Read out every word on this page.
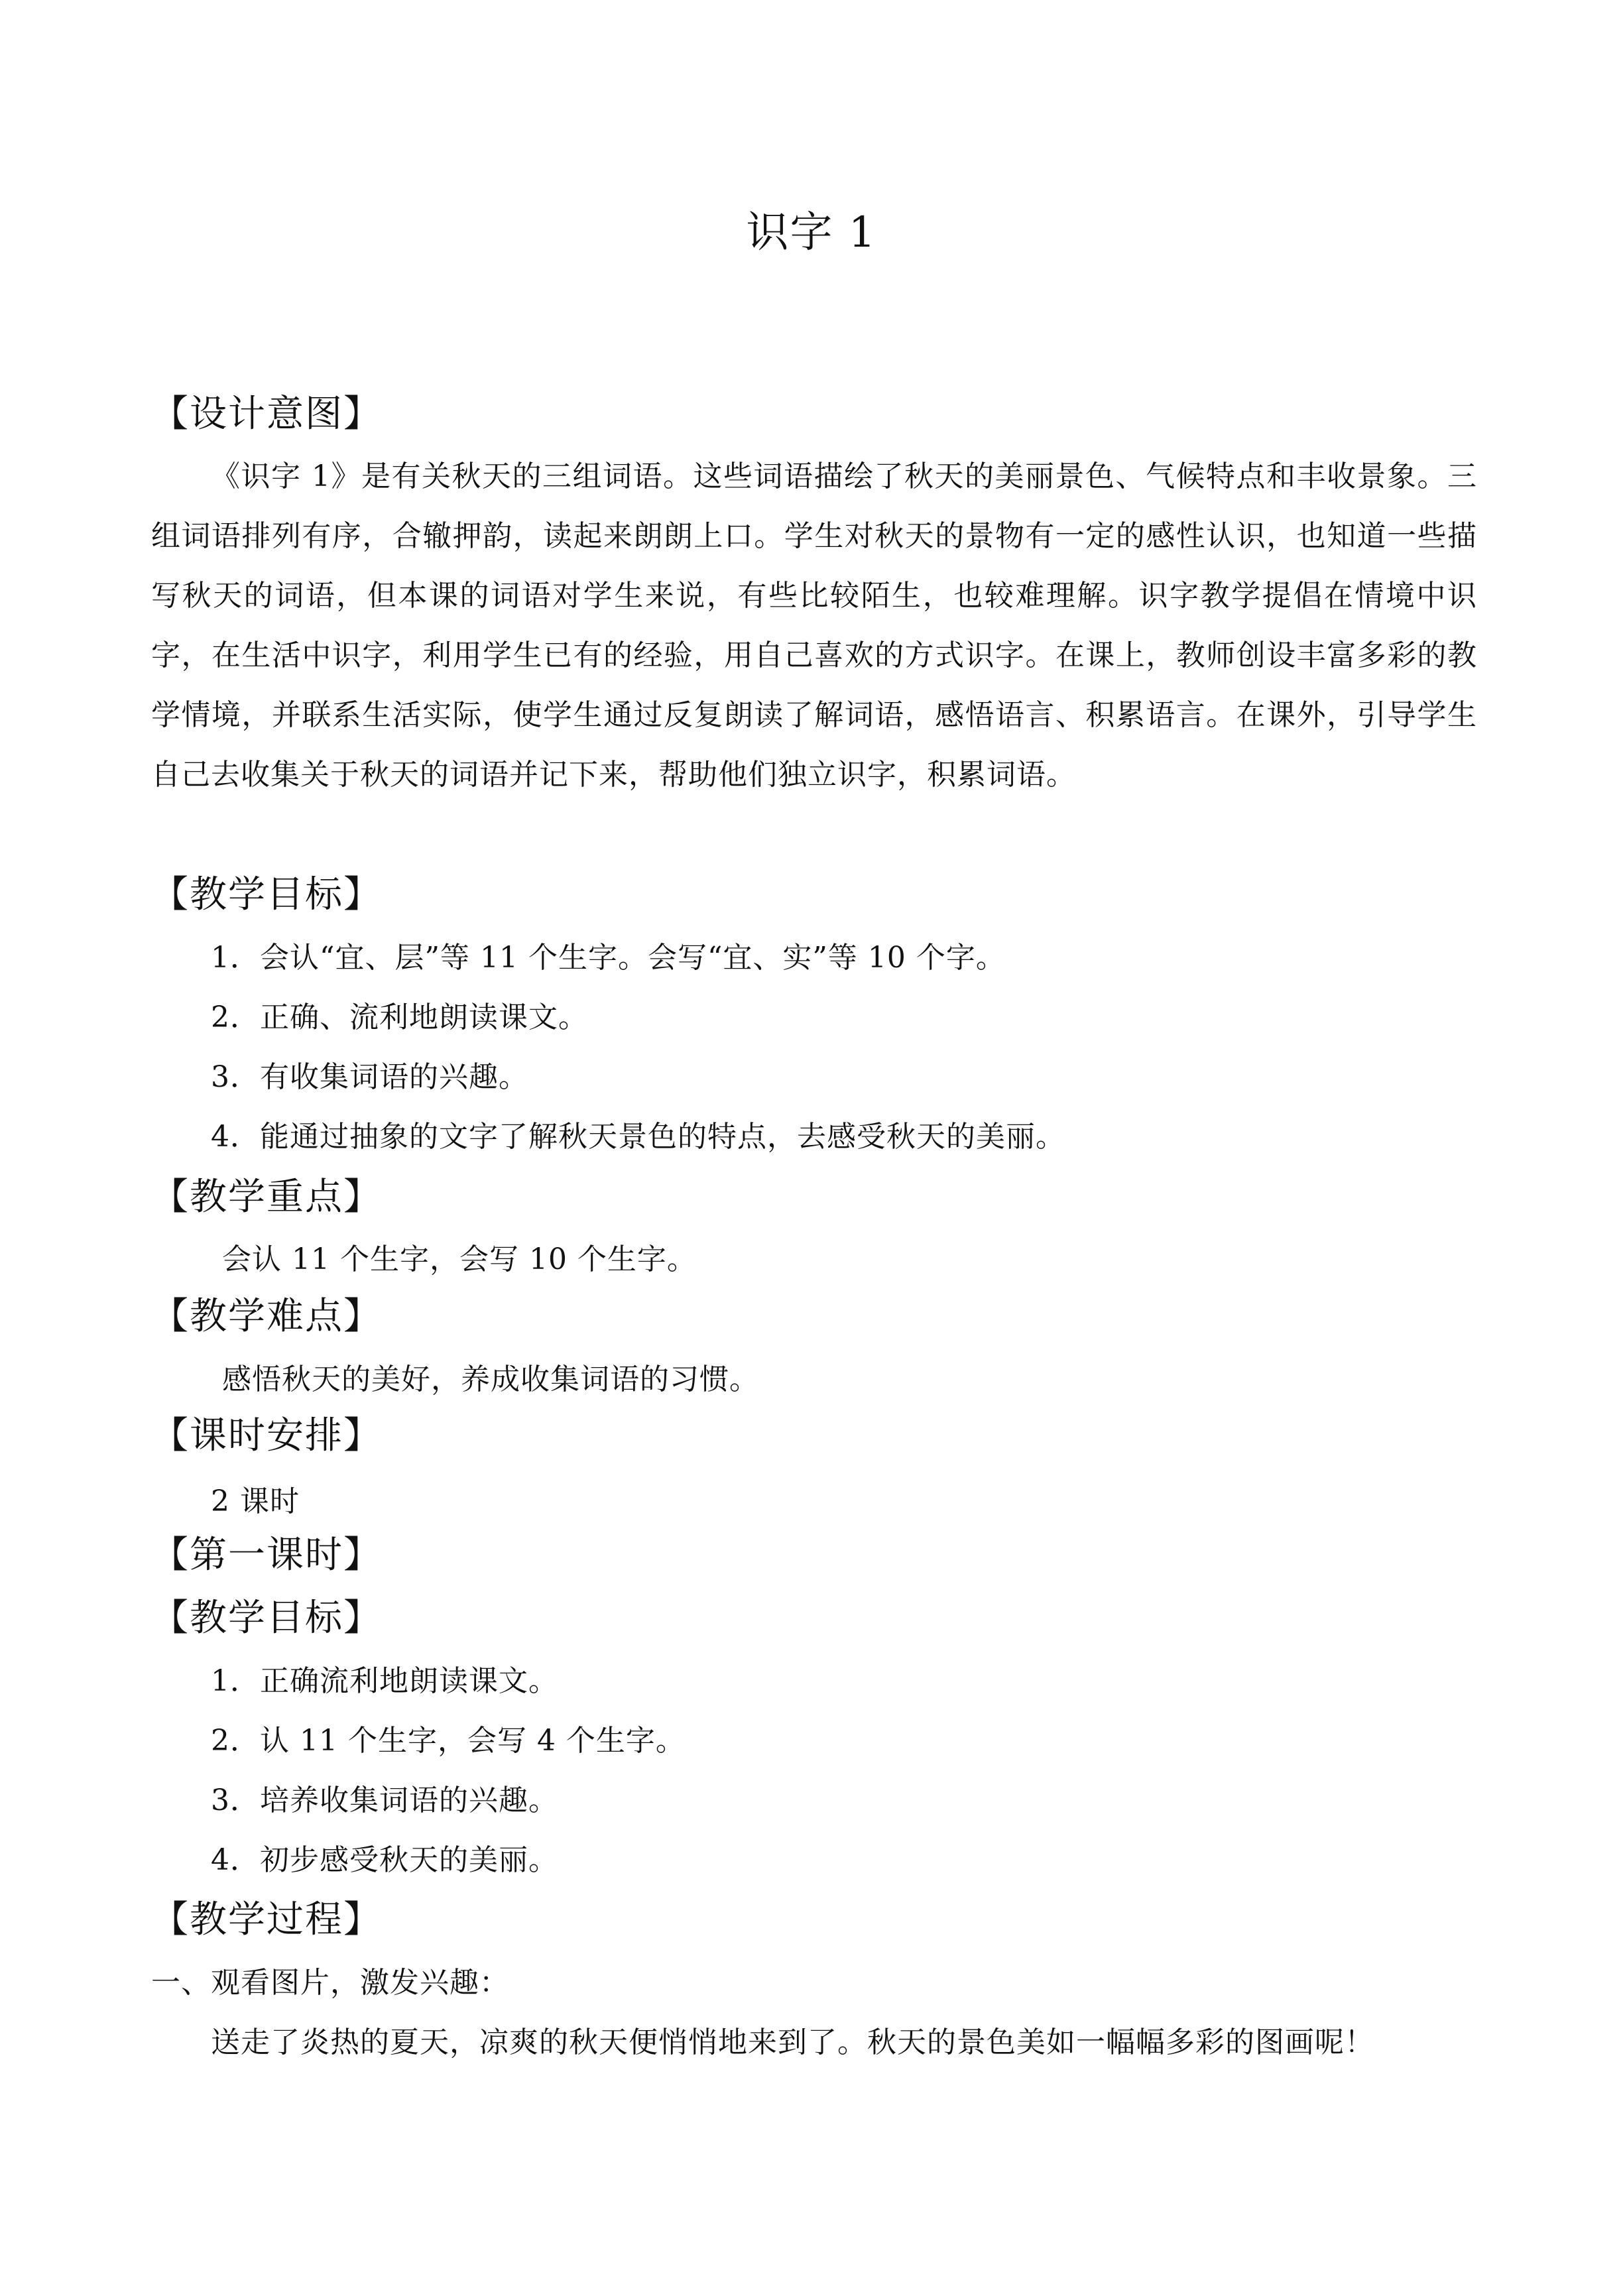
识字 1
【设计意图】
《识字 1》是有关秋天的三组词语。这些词语描绘了秋天的美丽景色、气候特点和丰收景象。三组词语排列有序，合辙押韵，读起来朗朗上口。学生对秋天的景物有一定的感性认识，也知道一些描写秋天的词语，但本课的词语对学生来说，有些比较陌生，也较难理解。识字教学提倡在情境中识字，在生活中识字，利用学生已有的经验，用自己喜欢的方式识字。在课上，教师创设丰富多彩的教学情境，并联系生活实际，使学生通过反复朗读了解词语，感悟语言、积累语言。在课外，引导学生自己去收集关于秋天的词语并记下来，帮助他们独立识字，积累词语。
【教学目标】
1．会认“宜、层”等 11 个生字。会写“宜、实”等 10 个字。
2．正确、流利地朗读课文。
3．有收集词语的兴趣。
4．能通过抽象的文字了解秋天景色的特点，去感受秋天的美丽。
【教学重点】
会认 11 个生字，会写 10 个生字。
【教学难点】
感悟秋天的美好，养成收集词语的习惯。
【课时安排】
2 课时
【第一课时】
【教学目标】
1．正确流利地朗读课文。
2．认 11 个生字，会写 4 个生字。
3．培养收集词语的兴趣。
4．初步感受秋天的美丽。
【教学过程】
一、观看图片，激发兴趣：
送走了炎热的夏天，凉爽的秋天便悄悄地来到了。秋天的景色美如一幅幅多彩的图画呢！
